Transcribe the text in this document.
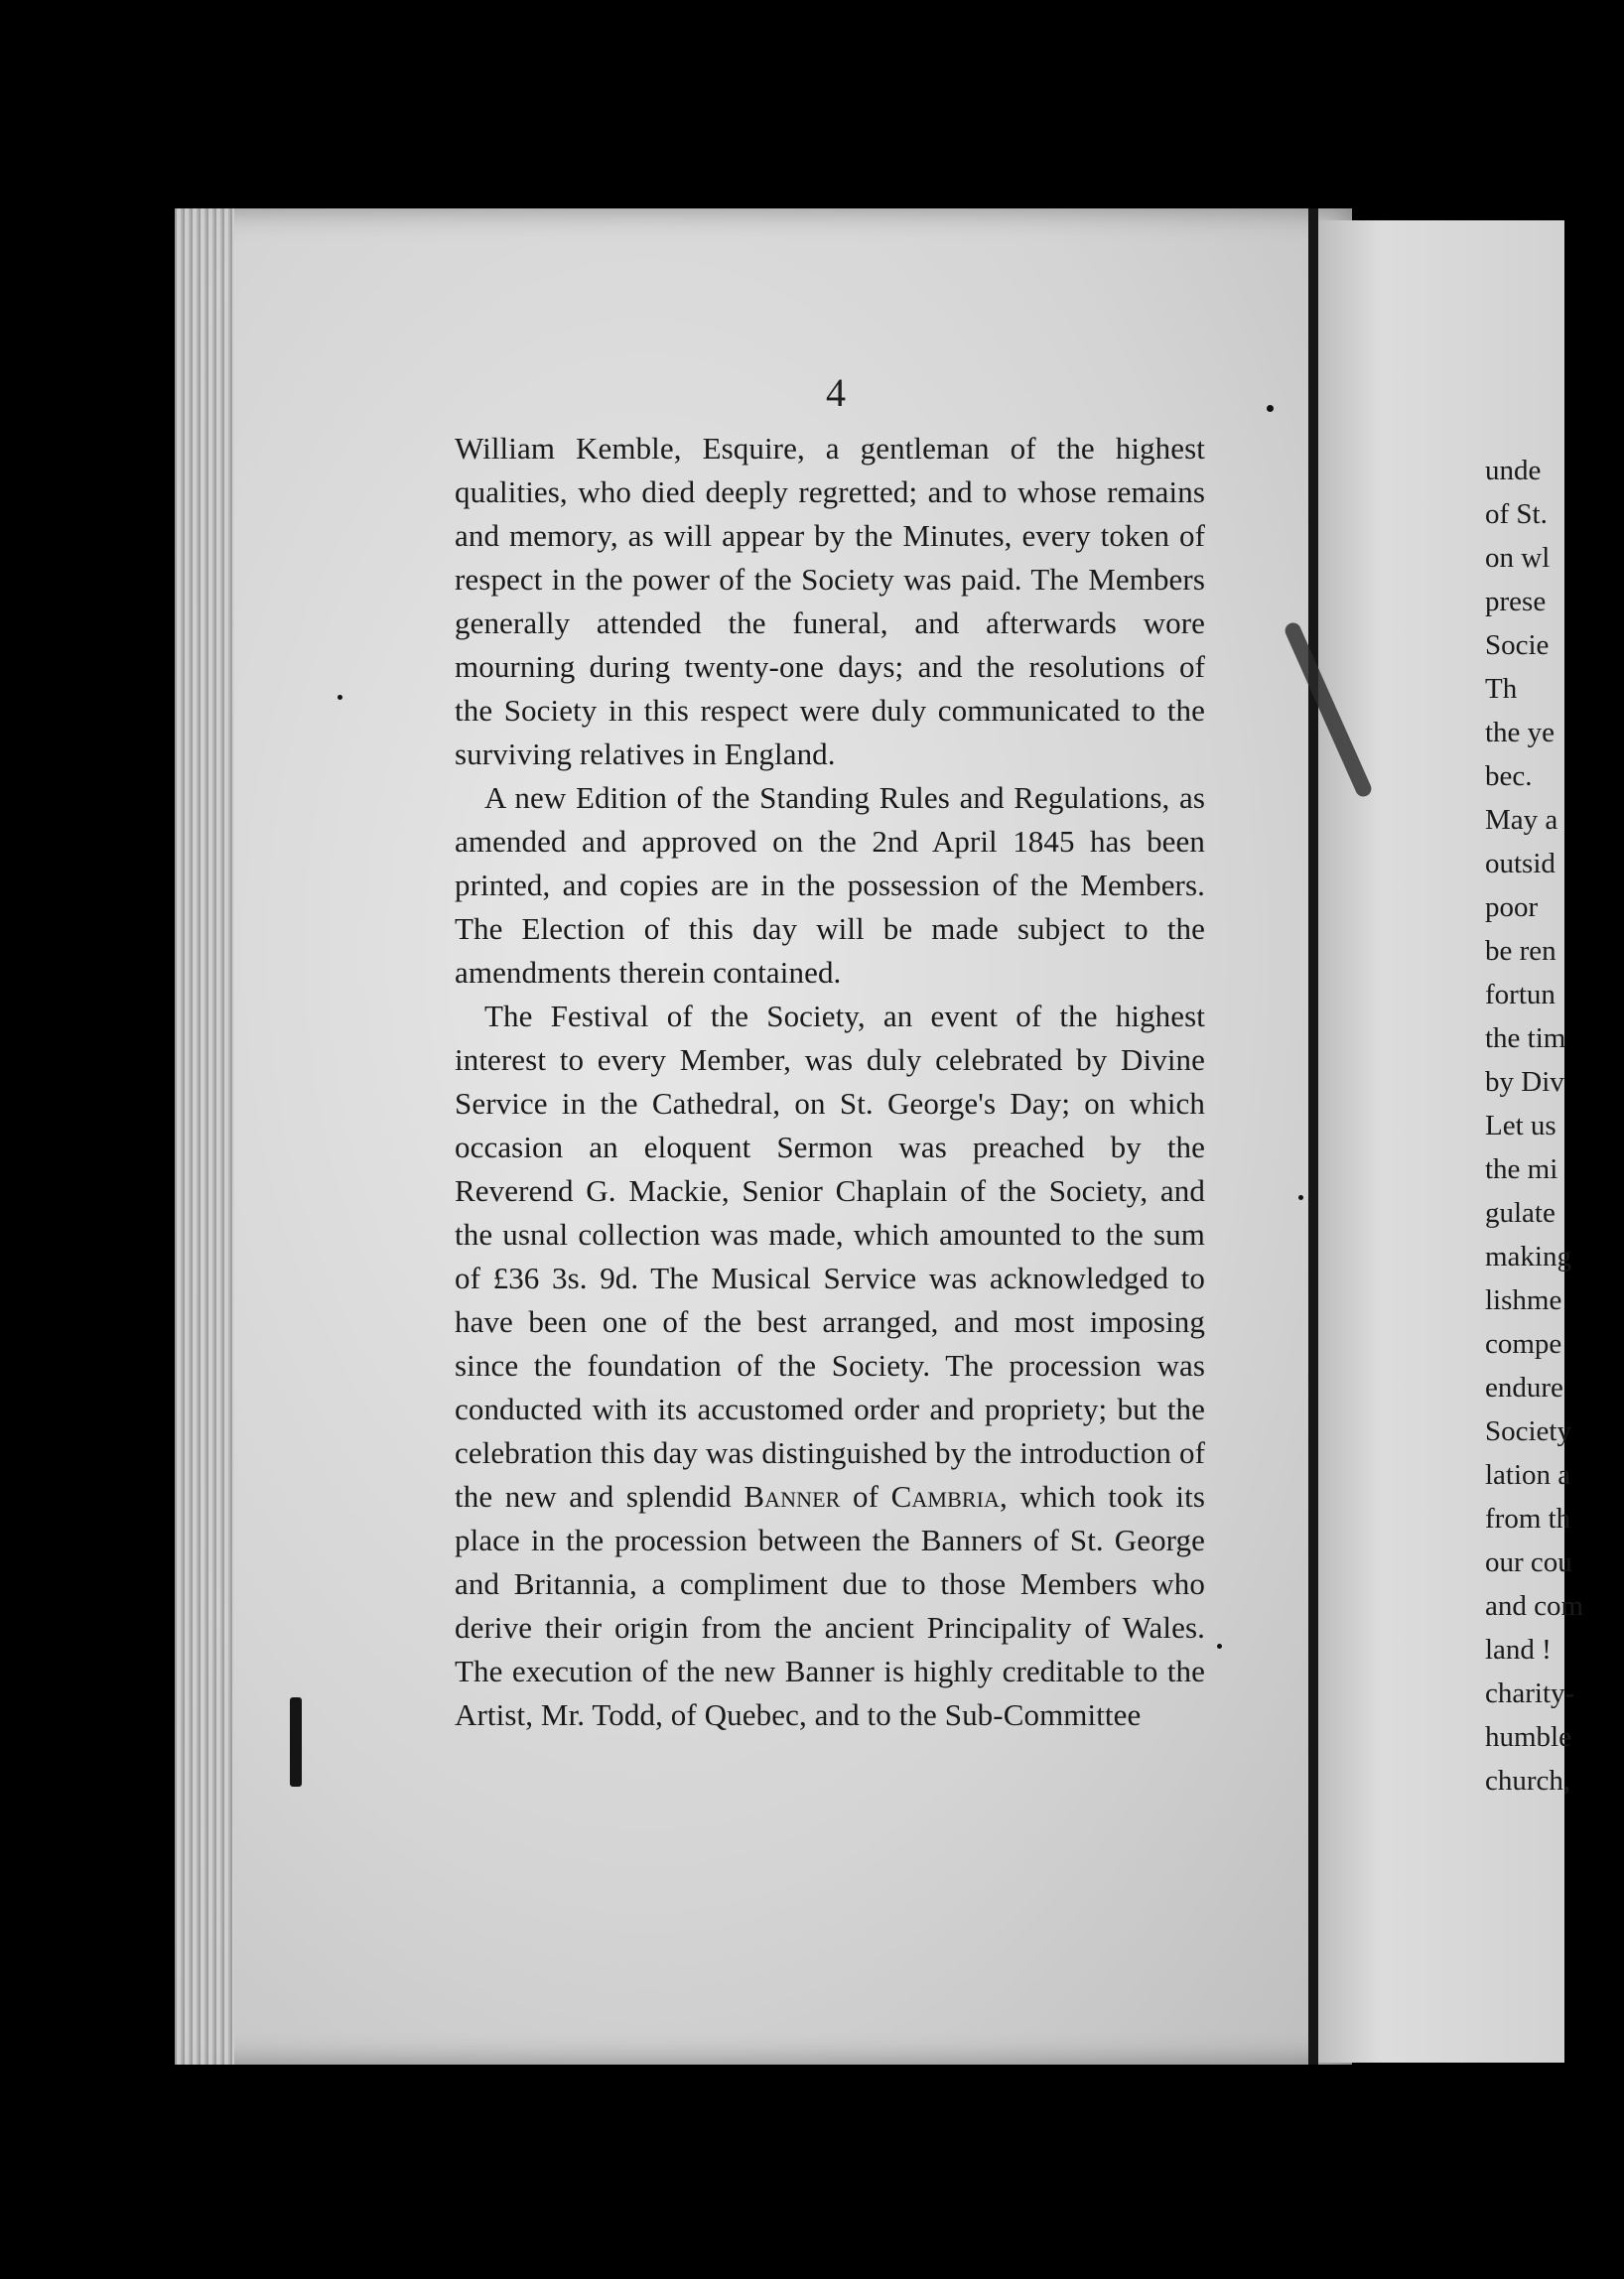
4

William Kemble, Esquire, a gentleman of the highest qualities, who died deeply regretted; and to whose remains and memory, as will appear by the Minutes, every token of respect in the power of the Society was paid. The Members generally attended the funeral, and afterwards wore mourning during twenty-one days; and the resolutions of the Society in this respect were duly communicated to the surviving relatives in England.

A new Edition of the Standing Rules and Regulations, as amended and approved on the 2nd April 1845 has been printed, and copies are in the possession of the Members. The Election of this day will be made subject to the amendments therein contained.

The Festival of the Society, an event of the highest interest to every Member, was duly celebrated by Divine Service in the Cathedral, on St. George's Day; on which occasion an eloquent Sermon was preached by the Reverend G. Mackie, Senior Chaplain of the Society, and the usnal collection was made, which amounted to the sum of £36 3s. 9d. The Musical Service was acknowledged to have been one of the best arranged, and most imposing since the foundation of the Society. The procession was conducted with its accustomed order and propriety; but the celebration this day was distinguished by the introduction of the new and splendid Banner of Cambria, which took its place in the procession between the Banners of St. George and Britannia, a compliment due to those Members who derive their origin from the ancient Principality of Wales. The execution of the new Banner is highly creditable to the Artist, Mr. Todd, of Quebec, and to the Sub-Committee

unde
of St.
on wl
prese
Socie
Th
the ye
bec.
May a
outsid
poor
be ren
fortun
the tim
by Div
Let us
the mi
gulate
making
lishme
compe
endure
Society
lation a
from th
our cou
and com
land !
charity-
humble
church,
